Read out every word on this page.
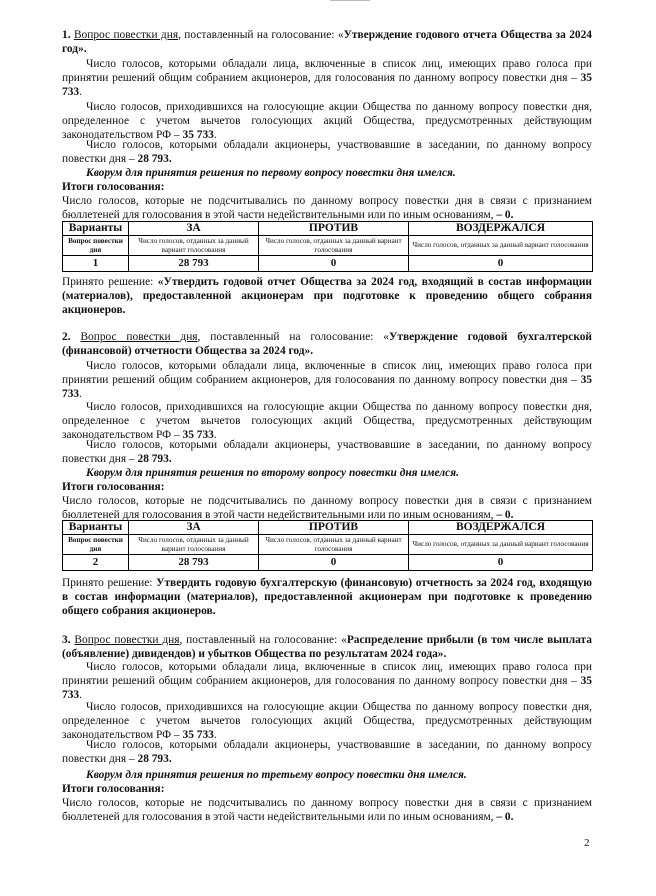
1. Вопрос повестки дня, поставленный на голосование: «Утверждение годового отчета Общества за 2024 год».
Число голосов, которыми обладали лица, включенные в список лиц, имеющих право голоса при принятии решений общим собранием акционеров, для голосования по данному вопросу повестки дня – 35 733.
Число голосов, приходившихся на голосующие акции Общества по данному вопросу повестки дня, определенное с учетом вычетов голосующих акций Общества, предусмотренных действующим законодательством РФ – 35 733.
Число голосов, которыми обладали акционеры, участвовавшие в заседании, по данному вопросу повестки дня – 28 793.
Кворум для принятия решения по первому вопросу повестки дня имелся.
Итоги голосования:
Число голосов, которые не подсчитывались по данному вопросу повестки дня в связи с признанием бюллетеней для голосования в этой части недействительными или по иным основаниям, – 0.
Варианты	ЗА	ПРОТИВ	ВОЗДЕРЖАЛСЯ
Вопрос повестки дня	Число голосов, отданных за данный вариант голосования	Число голосов, отданных за данный вариант голосования	Число голосов, отданных за данный вариант голосования
1	28 793	0	0
Принято решение: «Утвердить годовой отчет Общества за 2024 год, входящий в состав информации (материалов), предоставленной акционерам при подготовке к проведению общего собрания акционеров.
2. Вопрос повестки дня, поставленный на голосование: «Утверждение годовой бухгалтерской (финансовой) отчетности Общества за 2024 год».
Число голосов, которыми обладали лица, включенные в список лиц, имеющих право голоса при принятии решений общим собранием акционеров, для голосования по данному вопросу повестки дня – 35 733.
Число голосов, приходившихся на голосующие акции Общества по данному вопросу повестки дня, определенное с учетом вычетов голосующих акций Общества, предусмотренных действующим законодательством РФ – 35 733.
Число голосов, которыми обладали акционеры, участвовавшие в заседании, по данному вопросу повестки дня – 28 793.
Кворум для принятия решения по второму вопросу повестки дня имелся.
Итоги голосования:
Число голосов, которые не подсчитывались по данному вопросу повестки дня в связи с признанием бюллетеней для голосования в этой части недействительными или по иным основаниям, – 0.
Варианты	ЗА	ПРОТИВ	ВОЗДЕРЖАЛСЯ
Вопрос повестки дня	Число голосов, отданных за данный вариант голосования	Число голосов, отданных за данный вариант голосования	Число голосов, отданных за данный вариант голосования
2	28 793	0	0
Принято решение: Утвердить годовую бухгалтерскую (финансовую) отчетность за 2024 год, входящую в состав информации (материалов), предоставленной акционерам при подготовке к проведению общего собрания акционеров.
3. Вопрос повестки дня, поставленный на голосование: «Распределение прибыли (в том числе выплата (объявление) дивидендов) и убытков Общества по результатам 2024 года».
Число голосов, которыми обладали лица, включенные в список лиц, имеющих право голоса при принятии решений общим собранием акционеров, для голосования по данному вопросу повестки дня – 35 733.
Число голосов, приходившихся на голосующие акции Общества по данному вопросу повестки дня, определенное с учетом вычетов голосующих акций Общества, предусмотренных действующим законодательством РФ – 35 733.
Число голосов, которыми обладали акционеры, участвовавшие в заседании, по данному вопросу повестки дня – 28 793.
Кворум для принятия решения по третьему вопросу повестки дня имелся.
Итоги голосования:
Число голосов, которые не подсчитывались по данному вопросу повестки дня в связи с признанием бюллетеней для голосования в этой части недействительными или по иным основаниям, – 0.
2
